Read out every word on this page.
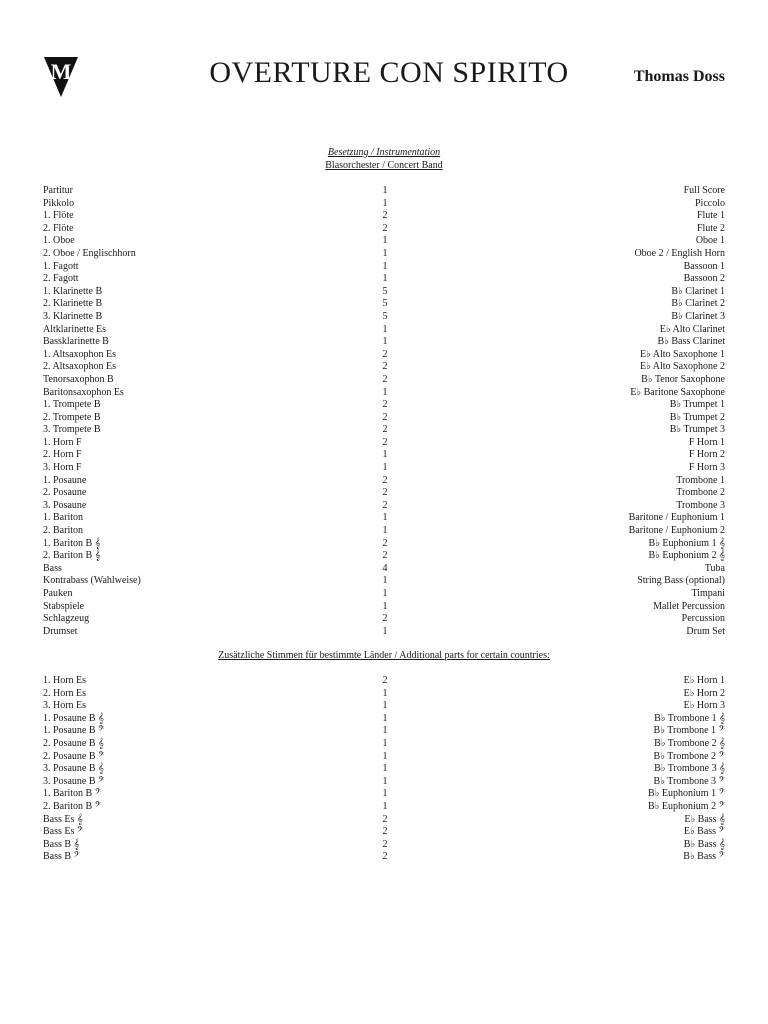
M	OVERTURE CON SPIRITO	Thomas Doss
Besetzung / Instrumentation
Blasorchester / Concert Band
Partitur	1	Full Score
Pikkolo	1	Piccolo
1. Flöte	2	Flute 1
2. Flöte	2	Flute 2
1. Oboe	1	Oboe 1
2. Oboe / Englischhorn	1	Oboe 2 / English Horn
1. Fagott	1	Bassoon 1
2. Fagott	1	Bassoon 2
1. Klarinette B	5	B♭ Clarinet 1
2. Klarinette B	5	B♭ Clarinet 2
3. Klarinette B	5	B♭ Clarinet 3
Altklarinette Es	1	E♭ Alto Clarinet
Bassklarinette B	1	B♭ Bass Clarinet
1. Altsaxophon Es	2	E♭ Alto Saxophone 1
2. Altsaxophon Es	2	E♭ Alto Saxophone 2
Tenorsaxophon B	2	B♭ Tenor Saxophone
Baritonsaxophon Es	1	E♭ Baritone Saxophone
1. Trompete B	2	B♭ Trumpet 1
2. Trompete B	2	B♭ Trumpet 2
3. Trompete B	2	B♭ Trumpet 3
1. Horn F	2	F Horn 1
2. Horn F	1	F Horn 2
3. Horn F	1	F Horn 3
1. Posaune	2	Trombone 1
2. Posaune	2	Trombone 2
3. Posaune	2	Trombone 3
1. Bariton	1	Baritone / Euphonium 1
2. Bariton	1	Baritone / Euphonium 2
1. Bariton B 𝄞	2	B♭ Euphonium 1 𝄞
2. Bariton B 𝄞	2	B♭ Euphonium 2 𝄞
Bass	4	Tuba
Kontrabass (Wahlweise)	1	String Bass (optional)
Pauken	1	Timpani
Stabspiele	1	Mallet Percussion
Schlagzeug	2	Percussion
Drumset	1	Drum Set
Zusätzliche Stimmen für bestimmte Länder / Additional parts for certain countries:
1. Horn Es	2	E♭ Horn 1
2. Horn Es	1	E♭ Horn 2
3. Horn Es	1	E♭ Horn 3
1. Posaune B 𝄞	1	B♭ Trombone 1 𝄞
1. Posaune B 𝄢	1	B♭ Trombone 1 𝄢
2. Posaune B 𝄞	1	B♭ Trombone 2 𝄞
2. Posaune B 𝄢	1	B♭ Trombone 2 𝄢
3. Posaune B 𝄞	1	B♭ Trombone 3 𝄞
3. Posaune B 𝄢	1	B♭ Trombone 3 𝄢
1. Bariton B 𝄢	1	B♭ Euphonium 1 𝄢
2. Bariton B 𝄢	1	B♭ Euphonium 2 𝄢
Bass Es 𝄞	2	E♭ Bass 𝄞
Bass Es 𝄢	2	E♭ Bass 𝄢
Bass B 𝄞	2	B♭ Bass 𝄞
Bass B 𝄢	2	B♭ Bass 𝄢
